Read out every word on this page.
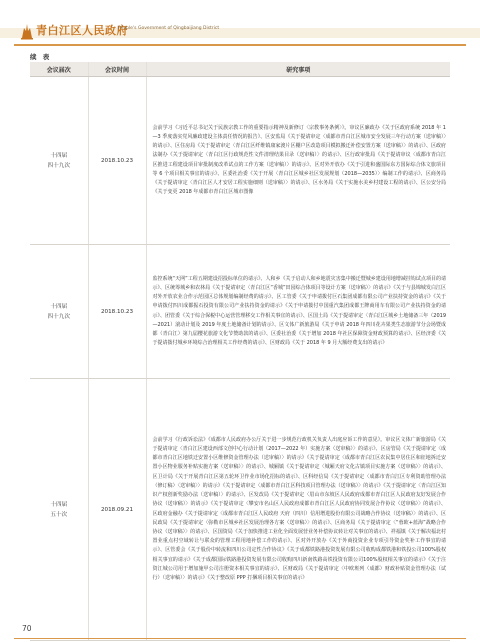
青白江区人民政府
People's Government of Qingbaijiang District
续 表
会议届次	会议时间	研究事项
十四届
四十九次	2018.10.23	会前学习《习近平总书记关于民族宗教工作的重要指示精神及新修订〈宗教事务条例〉》。审议区廉政办《关于区政府系统 2018 年 1—3 季度落实党风廉政建设主体责任情况的报告》、区安监局《关于提请审定〈成都市青白江区城市安全发展三年行动方案（送审稿）〉的请示》、区住房局《关于提请审定〈青白江区纤维镇康家渡片区棚户区改造项目模拟搬迁补偿安置方案（送审稿）〉的请示》、区政府法制办《关于提请审定〈青白江区行政规范性文件清理结果目录（送审稿）〉的请示》、区行政审批局《关于提请审议〈成都市青白江区推进工程建设项目审批制度改革试点的工作方案（送审稿）〉的请示》、区对外开放办《关于引进和盛国际东方国际综合体文旅项目等 6 个项目相关事宜的请示》、区委社治委《关于开展〈青白江区城乡社区发展规划（2018—2035）〉编制工作的请示》、区商务局《关于提请审定〈青白江区人才安居工程实施细则（送审稿）〉的请示》、区水务局《关于实施水美乡村建设工程的请示》、区公安分局《关于变更 2018 年成都市青白江区城市图像
十四届
四十九次	2018.10.23	监控系统“天网”工程五期建设招投标单位的请示》、人和乡《关于启动人和乡地震灾害集中搬迁暨城乡建设用地增减挂钩试点项目的请示》、区统筹城乡和农林局《关于提请审定〈青白江区“香城”田园综合体项目等设计方案（送审稿）〉的请示》《关于与县锦城发白江区对外开放农业合作示范园区总体规划编制经费的请示》、区工管委《关于申请拨付巨石集团成都有限公司产业扶持资金的请示》《关于申请拨付四川成都振石投资有限公司产业扶持资金的请示》《关于申请拨付中国重汽集团成都王牌商用车有限公司产业扶持资金的请示》、团管委《关于综合保税中心运营管理移交工作相关事宜的请示》、区国土局《关于提请审定〈青白江区城乡土地储备三年（2019—2021）滚动计划及 2019 年度土地储备计划的请示》、区文体广新旅游局《关于申请 2018 年四川花卉果类生态旅游节分会场暨成都（青白江）第九届樱花旅游文化节赞助款的请示》、区委社治委《关于增加 2018 年社区保障资金财政预算的请示》、区经济委《关于提请拨付城乡环境综合治理相关工作经费的请示》、区财政局《关于 2018 年 9 月大额经费支出的请示》
十四届
五十次	2018.09.21	会前学习《行政诉讼法》《成都市人民政府办公厅关于进一步规范行政机关负责人出庭应诉工作的意见》。审议区文体广新旅游局《关于提请审定〈青白江区建设西部文创中心行动计划（2017—2022 年）实施方案（送审稿）〉的请示》、区房管局《关于提请审定〈成都市青白江区地铁迁安置小区维修资金管理办法（送审稿）〉的请示》《关于提请审定〈成都市青白江区农民集中居住区和征地拆迁安置小区物业服务补贴实施方案（送审稿）〉的请示》、城厢镇《关于提请审定〈城厢天府文化古镇项目实施方案（送审稿）〉的请示》、区卫计局《关于开展青白江区第五轮环卫作业市场化招标的请示》、区科经信局《关于提请审定〈成都市青白江区专利资助管理办法（修订稿）〈送审稿〉〉的请示》《关于提请审定〈成都市青白江区科技项目管理办法（送审稿）〉的请示》《关于提请审定〈青白江区知识产权创新奖励办法（送审稿）〉的请示》、区发改局《关于提请审定〈眉山市东坡区人民政府成都市青白江区人民政府友好发展合作协议（送审稿）〉的请示》《关于提请审定〈攀安市名山区人民政府成都市青白江区人民政府协同发展合作协议（送审稿）〉的请示》、区政府金融办《关于提请审定〈成都市青白江区人民政府 天府（四川）信用增进股份有限公司战略合作协议（送审稿）〉的请示》、区民政局《关于提请审定〈弥勒市区城乡社区发展治理各方案（送审稿）〉的请示》、区商务局《关于提请审定〈“蓉欧+蓝海”战略合作协议（送审稿）〉的请示》、区国资局《关于加快推进工业化全面发展营业务补偿协议转让对关事宜的请示》、祥福镇《关于解决福北村置业重点村空域转让与联众的管理工程用地补偿工作的请示》、区对外开放办《关于外商投资企业专项引导资金奖补工作事宜的请示》、区管委会《关于股份中转流和四川公司定性合作协议》《关于成都铁路港投资发展有限公司收购成都铁港和铁投公司100%股权相关事宜的请示》《关于成都国际铁路港投资发展有限公司收购四川新南铁路高铁投资有限公司100%股权相关事宜的请示》《关于注资江城公司用于增加施甲公司注册资本相关事宜的请示》、区财政局《关于提请审定〈中欧班列（成都）财政补贴资金管理办法（试行）（送审稿）〉的请示》《关于整改原 PPP 打捆项目相关事宜的请示》
70
